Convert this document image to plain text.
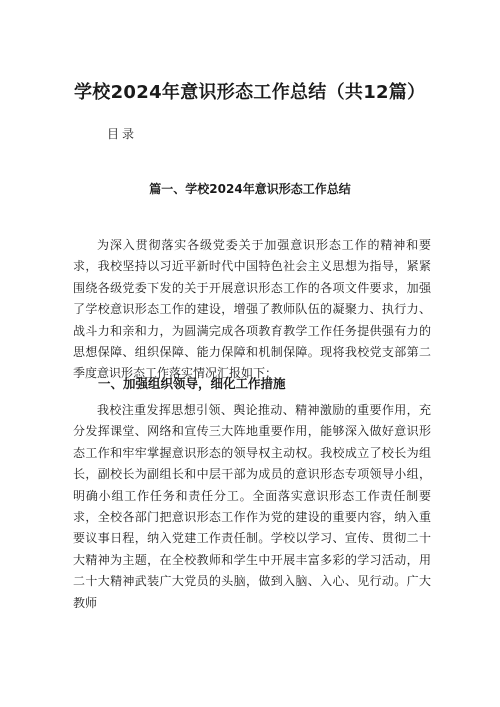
学校2024年意识形态工作总结（共12篇）

目录

篇一、学校2024年意识形态工作总结

为深入贯彻落实各级党委关于加强意识形态工作的精神和要求，我校坚持以习近平新时代中国特色社会主义思想为指导，紧紧围绕各级党委下发的关于开展意识形态工作的各项文件要求，加强了学校意识形态工作的建设，增强了教师队伍的凝聚力、执行力、战斗力和亲和力，为圆满完成各项教育教学工作任务提供强有力的思想保障、组织保障、能力保障和机制保障。现将我校党支部第二季度意识形态工作落实情况汇报如下：

一、加强组织领导，细化工作措施

我校注重发挥思想引领、舆论推动、精神激励的重要作用，充分发挥课堂、网络和宣传三大阵地重要作用，能够深入做好意识形态工作和牢牢掌握意识形态的领导权主动权。我校成立了校长为组长，副校长为副组长和中层干部为成员的意识形态专项领导小组，明确小组工作任务和责任分工。全面落实意识形态工作责任制要求，全校各部门把意识形态工作作为党的建设的重要内容，纳入重要议事日程，纳入党建工作责任制。学校以学习、宣传、贯彻二十大精神为主题，在全校教师和学生中开展丰富多彩的学习活动，用二十大精神武装广大党员的头脑，做到入脑、入心、见行动。广大教师
